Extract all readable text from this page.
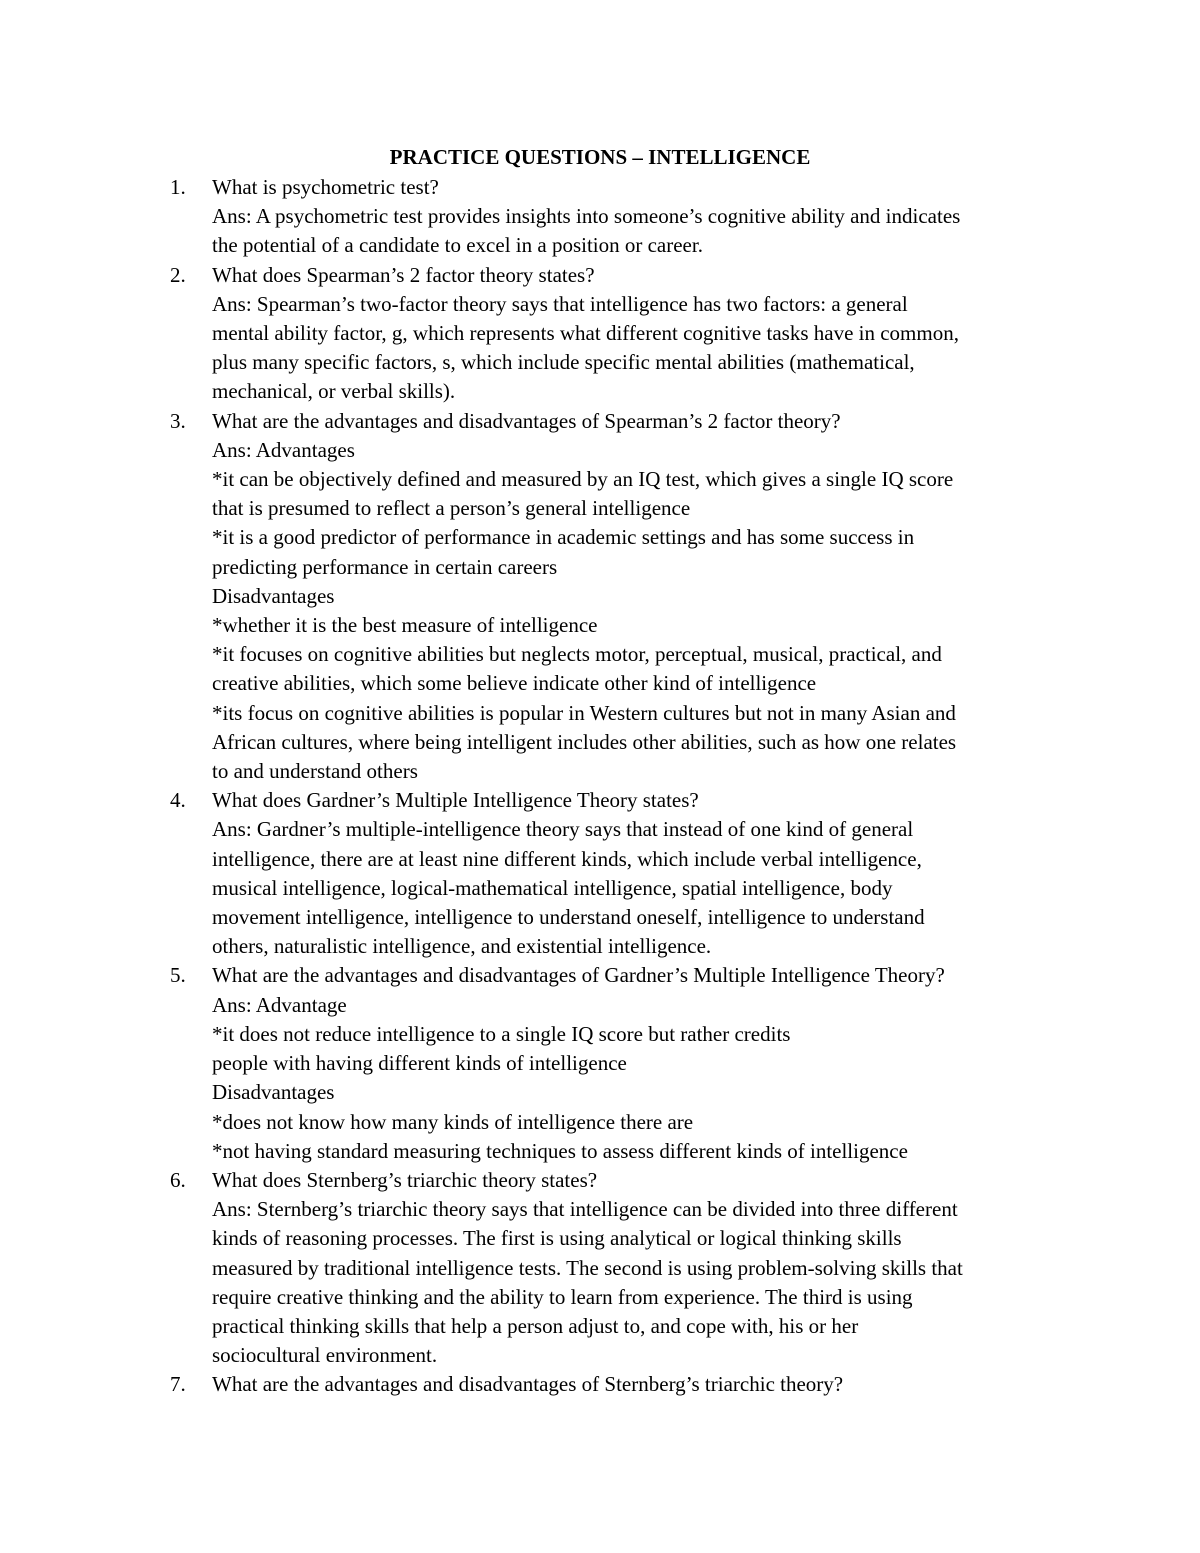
PRACTICE QUESTIONS – INTELLIGENCE
1.	What is psychometric test?
Ans: A psychometric test provides insights into someone’s cognitive ability and indicates
the potential of a candidate to excel in a position or career.
2.	What does Spearman’s 2 factor theory states?
Ans: Spearman’s two-factor theory says that intelligence has two factors: a general
mental ability factor, g, which represents what different cognitive tasks have in common,
plus many specific factors, s, which include specific mental abilities (mathematical,
mechanical, or verbal skills).
3.	What are the advantages and disadvantages of Spearman’s 2 factor theory?
Ans: Advantages
*it can be objectively defined and measured by an IQ test, which gives a single IQ score
that is presumed to reflect a person’s general intelligence
*it is a good predictor of performance in academic settings and has some success in
predicting performance in certain careers
Disadvantages
*whether it is the best measure of intelligence
*it focuses on cognitive abilities but neglects motor, perceptual, musical, practical, and
creative abilities, which some believe indicate other kind of intelligence
*its focus on cognitive abilities is popular in Western cultures but not in many Asian and
African cultures, where being intelligent includes other abilities, such as how one relates
to and understand others
4.	What does Gardner’s Multiple Intelligence Theory states?
Ans: Gardner’s multiple-intelligence theory says that instead of one kind of general
intelligence, there are at least nine different kinds, which include verbal intelligence,
musical intelligence, logical-mathematical intelligence, spatial intelligence, body
movement intelligence, intelligence to understand oneself, intelligence to understand
others, naturalistic intelligence, and existential intelligence.
5.	What are the advantages and disadvantages of Gardner’s Multiple Intelligence Theory?
Ans: Advantage
*it does not reduce intelligence to a single IQ score but rather credits
people with having different kinds of intelligence
Disadvantages
*does not know how many kinds of intelligence there are
*not having standard measuring techniques to assess different kinds of intelligence
6.	What does Sternberg’s triarchic theory states?
Ans: Sternberg’s triarchic theory says that intelligence can be divided into three different
kinds of reasoning processes. The first is using analytical or logical thinking skills
measured by traditional intelligence tests. The second is using problem-solving skills that
require creative thinking and the ability to learn from experience. The third is using
practical thinking skills that help a person adjust to, and cope with, his or her
sociocultural environment.
7.	What are the advantages and disadvantages of Sternberg’s triarchic theory?
